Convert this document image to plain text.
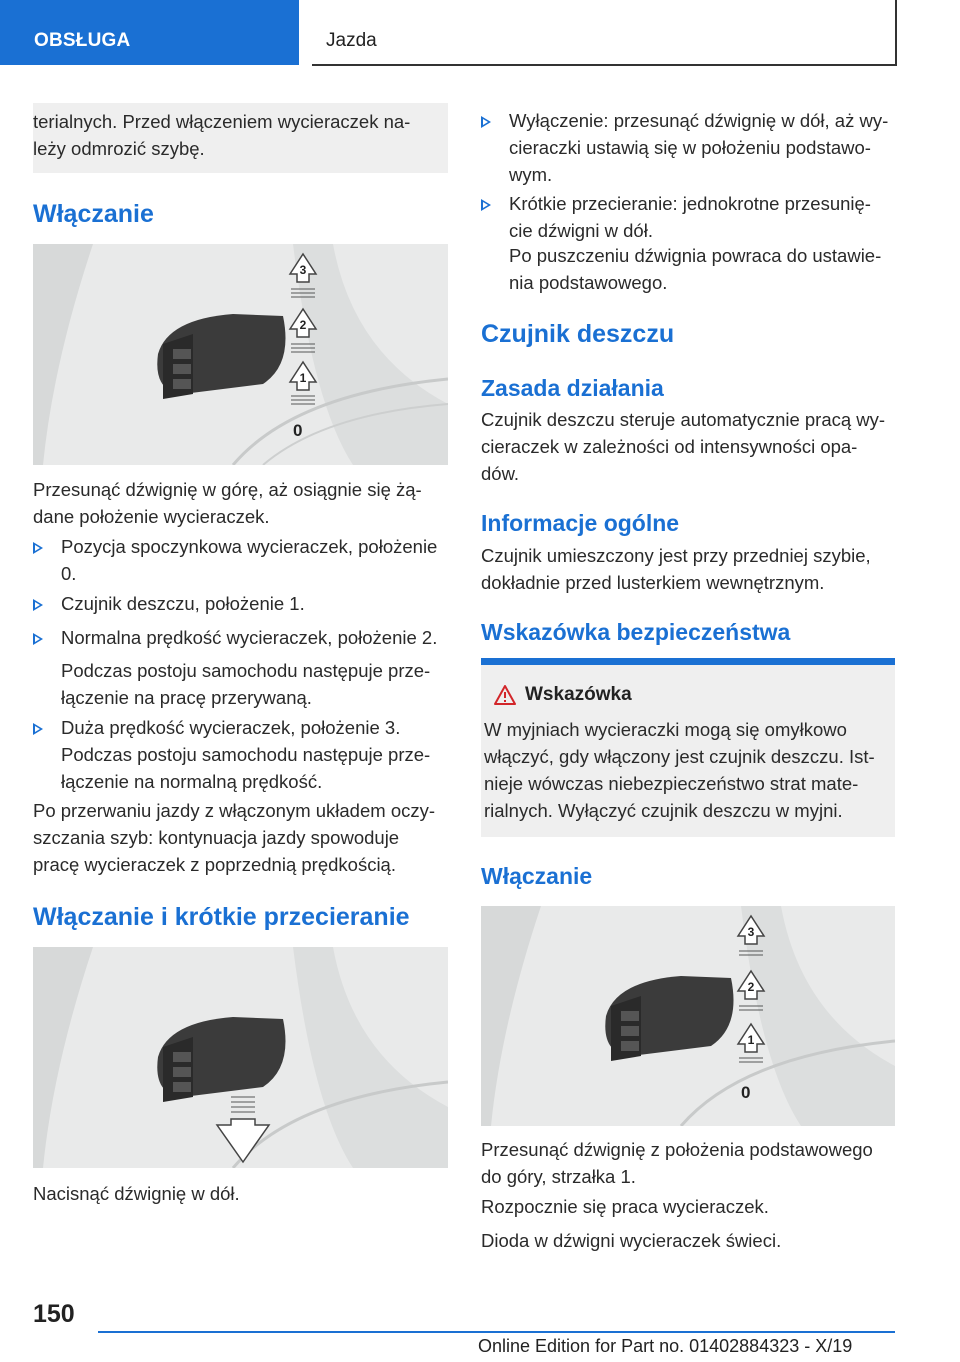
OBSŁUGA	Jazda

terialnych. Przed włączeniem wycieraczek na-
leży odmrozić szybę.

Włączanie
3
2
1
0

Przesunąć dźwignię w górę, aż osiągnie się żą-
dane położenie wycieraczek.

Pozycja spoczynkowa wycieraczek, położenie
0.

Czujnik deszczu, położenie 1.

Normalna prędkość wycieraczek, położenie 2.

Podczas postoju samochodu następuje prze-
łączenie na pracę przerywaną.

Duża prędkość wycieraczek, położenie 3.

Podczas postoju samochodu następuje prze-
łączenie na normalną prędkość.

Po przerwaniu jazdy z włączonym układem oczy-
szczania szyb: kontynuacja jazdy spowoduje
pracę wycieraczek z poprzednią prędkością.

Włączanie i krótkie przecieranie

Nacisnąć dźwignię w dół.

Wyłączenie: przesunąć dźwignię w dół, aż wy-
cieraczki ustawią się w położeniu podstawo-
wym.

Krótkie przecieranie: jednokrotne przesunię-
cie dźwigni w dół.

Po puszczeniu dźwignia powraca do ustawie-
nia podstawowego.

Czujnik deszczu
Zasada działania

Czujnik deszczu steruje automatycznie pracą wy-
cieraczek w zależności od intensywności opa-
dów.

Informacje ogólne

Czujnik umieszczony jest przy przedniej szybie,
dokładnie przed lusterkiem wewnętrznym.

Wskazówka bezpieczeństwa
Wskazówka

W myjniach wycieraczki mogą się omyłkowo
włączyć, gdy włączony jest czujnik deszczu. Ist-
nieje wówczas niebezpieczeństwo strat mate-
rialnych. Wyłączyć czujnik deszczu w myjni.

Włączanie
3
2
1
0

Przesunąć dźwignię z położenia podstawowego
do góry, strzałka 1.

Rozpocznie się praca wycieraczek.

Dioda w dźwigni wycieraczek świeci.

150
Online Edition for Part no. 01402884323 - X/19
